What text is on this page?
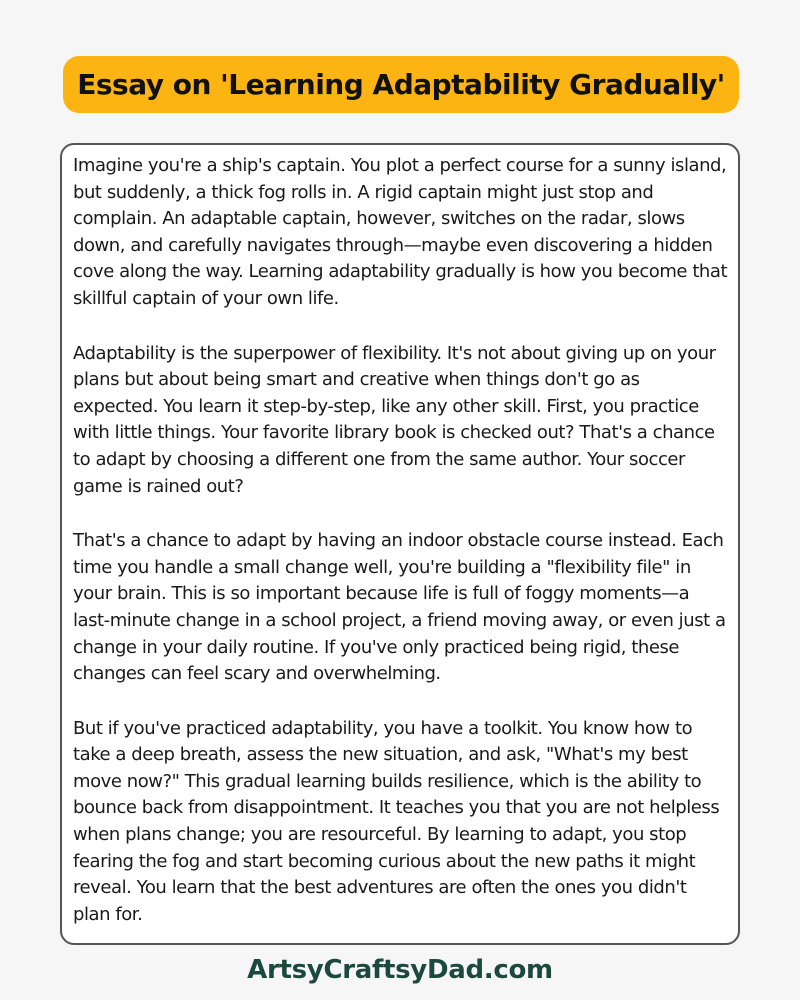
Essay on 'Learning Adaptability Gradually'

Imagine you're a ship's captain. You plot a perfect course for a sunny island, but suddenly, a thick fog rolls in. A rigid captain might just stop and complain. An adaptable captain, however, switches on the radar, slows down, and carefully navigates through—maybe even discovering a hidden cove along the way. Learning adaptability gradually is how you become that skillful captain of your own life.

Adaptability is the superpower of flexibility. It's not about giving up on your plans but about being smart and creative when things don't go as expected. You learn it step-by-step, like any other skill. First, you practice with little things. Your favorite library book is checked out? That's a chance to adapt by choosing a different one from the same author. Your soccer game is rained out?

That's a chance to adapt by having an indoor obstacle course instead. Each time you handle a small change well, you're building a "flexibility file" in your brain. This is so important because life is full of foggy moments—a last-minute change in a school project, a friend moving away, or even just a change in your daily routine. If you've only practiced being rigid, these changes can feel scary and overwhelming.

But if you've practiced adaptability, you have a toolkit. You know how to take a deep breath, assess the new situation, and ask, "What's my best move now?" This gradual learning builds resilience, which is the ability to bounce back from disappointment. It teaches you that you are not helpless when plans change; you are resourceful. By learning to adapt, you stop fearing the fog and start becoming curious about the new paths it might reveal. You learn that the best adventures are often the ones you didn't plan for.

ArtsyCraftsyDad.com
